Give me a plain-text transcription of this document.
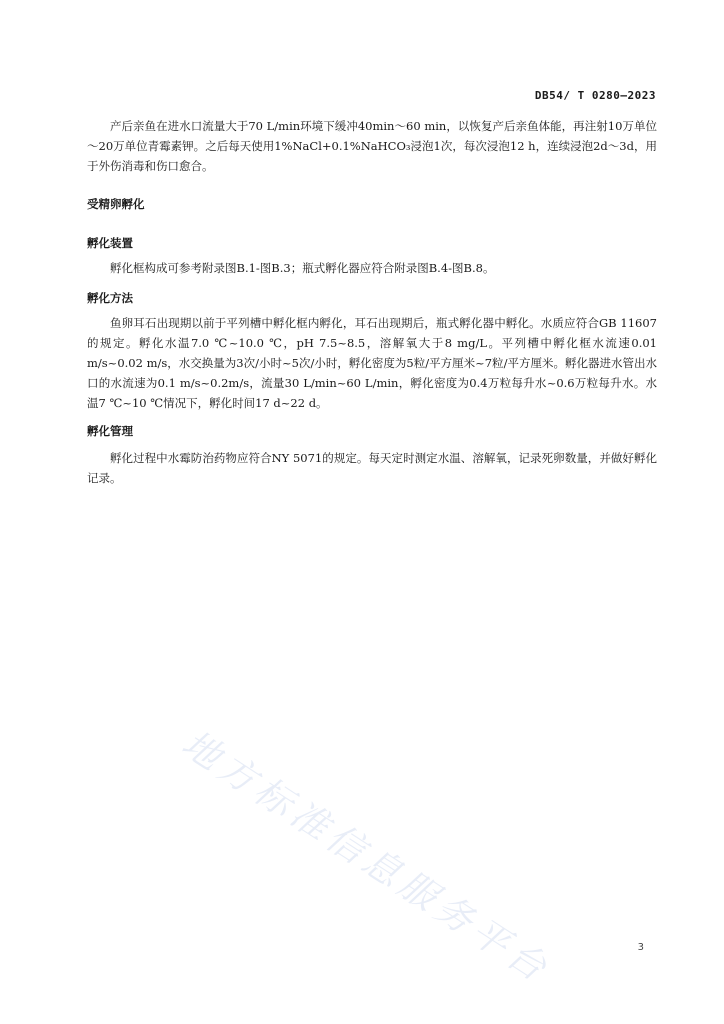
DB54/ T 0280—2023

产后亲鱼在进水口流量大于70 L/min环境下缓冲40min～60 min，以恢复产后亲鱼体能，再注射10万单位～20万单位青霉素钾。之后每天使用1%NaCl+0.1%NaHCO₃浸泡1次，每次浸泡12 h，连续浸泡2d～3d，用于外伤消毒和伤口愈合。

受精卵孵化
孵化装置

孵化框构成可参考附录图B.1-图B.3；瓶式孵化器应符合附录图B.4-图B.8。

孵化方法

鱼卵耳石出现期以前于平列槽中孵化框内孵化，耳石出现期后，瓶式孵化器中孵化。水质应符合GB 11607的规定。孵化水温7.0 ℃~10.0 ℃，pH 7.5~8.5，溶解氧大于8 mg/L。平列槽中孵化框水流速0.01 m/s~0.02 m/s，水交换量为3次/小时~5次/小时，孵化密度为5粒/平方厘米~7粒/平方厘米。孵化器进水管出水口的水流速为0.1 m/s~0.2m/s，流量30 L/min~60 L/min，孵化密度为0.4万粒每升水~0.6万粒每升水。水温7 ℃~10 ℃情况下，孵化时间17 d~22 d。

孵化管理

孵化过程中水霉防治药物应符合NY 5071的规定。每天定时测定水温、溶解氧，记录死卵数量，并做好孵化记录。

地方标准信息服务平台	3
